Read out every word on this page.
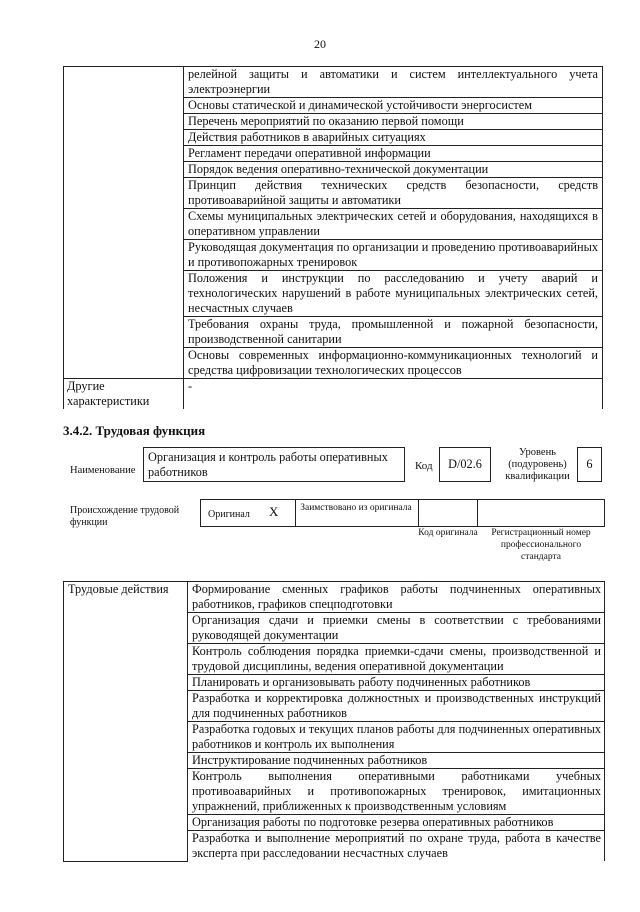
20
	релейной защиты и автоматики и систем интеллектуального учета электроэнергии
	Основы статической и динамической устойчивости энергосистем
	Перечень мероприятий по оказанию первой помощи
	Действия работников в аварийных ситуациях
	Регламент передачи оперативной информации
	Порядок ведения оперативно-технической документации
	Принцип действия технических средств безопасности, средств противоаварийной защиты и автоматики
	Схемы муниципальных электрических сетей и оборудования, находящихся в оперативном управлении
	Руководящая документация по организации и проведению противоаварийных и противопожарных тренировок
	Положения и инструкции по расследованию и учету аварий и технологических нарушений в работе муниципальных электрических сетей, несчастных случаев
	Требования охраны труда, промышленной и пожарной безопасности, производственной санитарии
	Основы современных информационно-коммуникационных технологий и средства цифровизации технологических процессов
Другие характеристики	-
3.4.2. Трудовая функция
Наименование
Организация и контроль работы оперативных работников	Код	D/02.6
Уровень (подуровень) квалификации
6
Происхождение трудовой функции
Оригинал X Заимствовано из оригинала
Код оригинала	Регистрационный номер профессионального стандарта
Трудовые действия	Формирование сменных графиков работы подчиненных оперативных работников, графиков спецподготовки
Организация сдачи и приемки смены в соответствии с требованиями руководящей документации
Контроль соблюдения порядка приемки-сдачи смены, производственной и трудовой дисциплины, ведения оперативной документации
Планировать и организовывать работу подчиненных работников
Разработка и корректировка должностных и производственных инструкций для подчиненных работников
Разработка годовых и текущих планов работы для подчиненных оперативных работников и контроль их выполнения
Инструктирование подчиненных работников
Контроль выполнения оперативными работниками учебных противоаварийных и противопожарных тренировок, имитационных упражнений, приближенных к производственным условиям
Организация работы по подготовке резерва оперативных работников
Разработка и выполнение мероприятий по охране труда, работа в качестве эксперта при расследовании несчастных случаев
